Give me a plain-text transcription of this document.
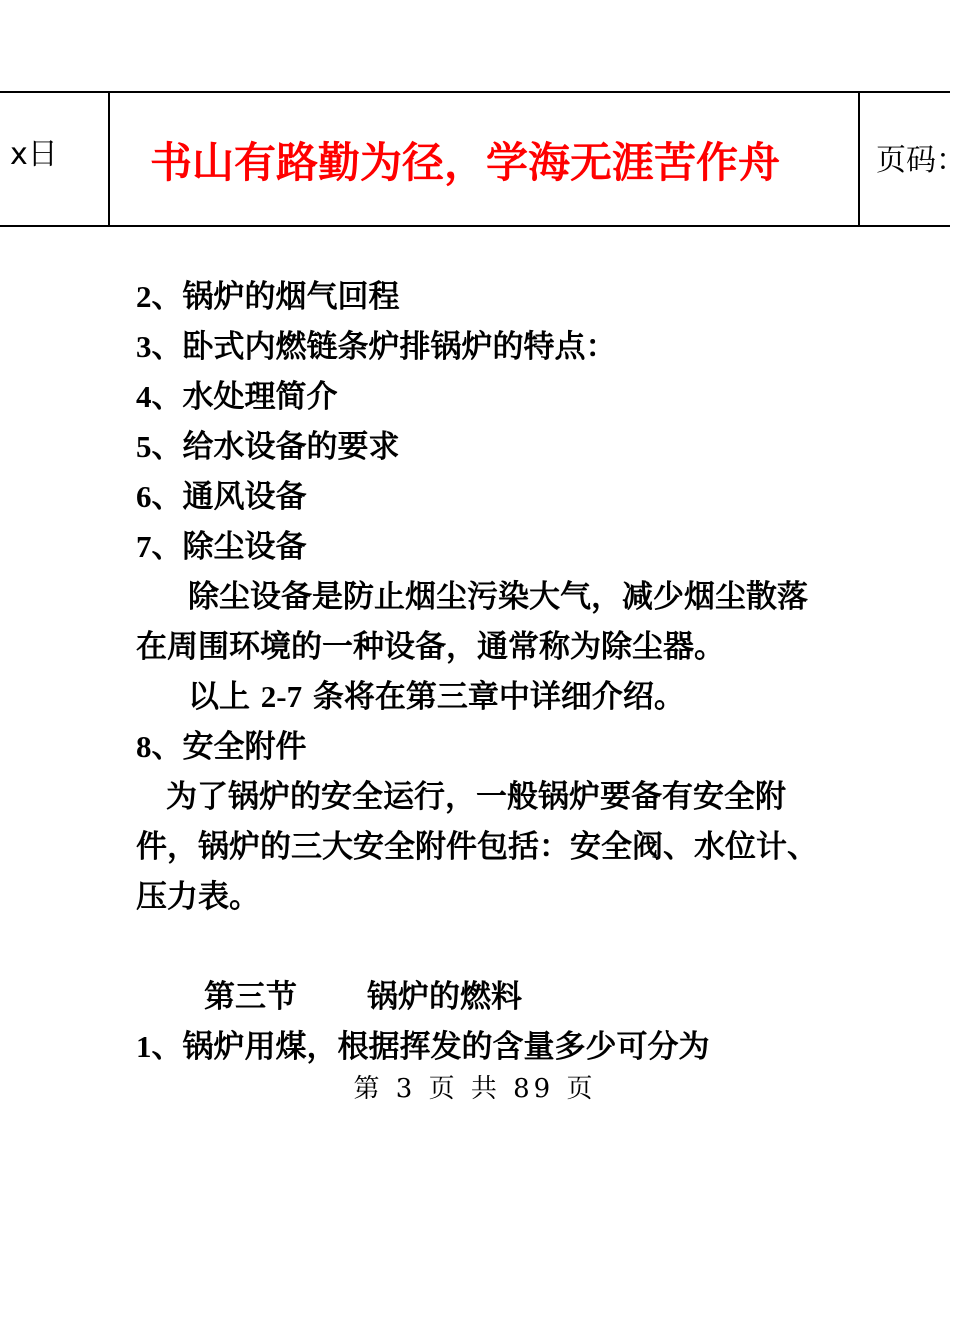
x日 书山有路勤为径，学海无涯苦作舟	页码：
2、锅炉的烟气回程
3、卧式内燃链条炉排锅炉的特点：
4、水处理简介
5、给水设备的要求
6、通风设备
7、除尘设备
除尘设备是防止烟尘污染大气，减少烟尘散落
在周围环境的一种设备，通常称为除尘器。
以上 2-7 条将在第三章中详细介绍。
8、安全附件
为了锅炉的安全运行，一般锅炉要备有安全附
件，锅炉的三大安全附件包括：安全阀、水位计、
压力表。
第三节 锅炉的燃料
1、锅炉用煤，根据挥发的含量多少可分为
第 3 页 共 89 页
